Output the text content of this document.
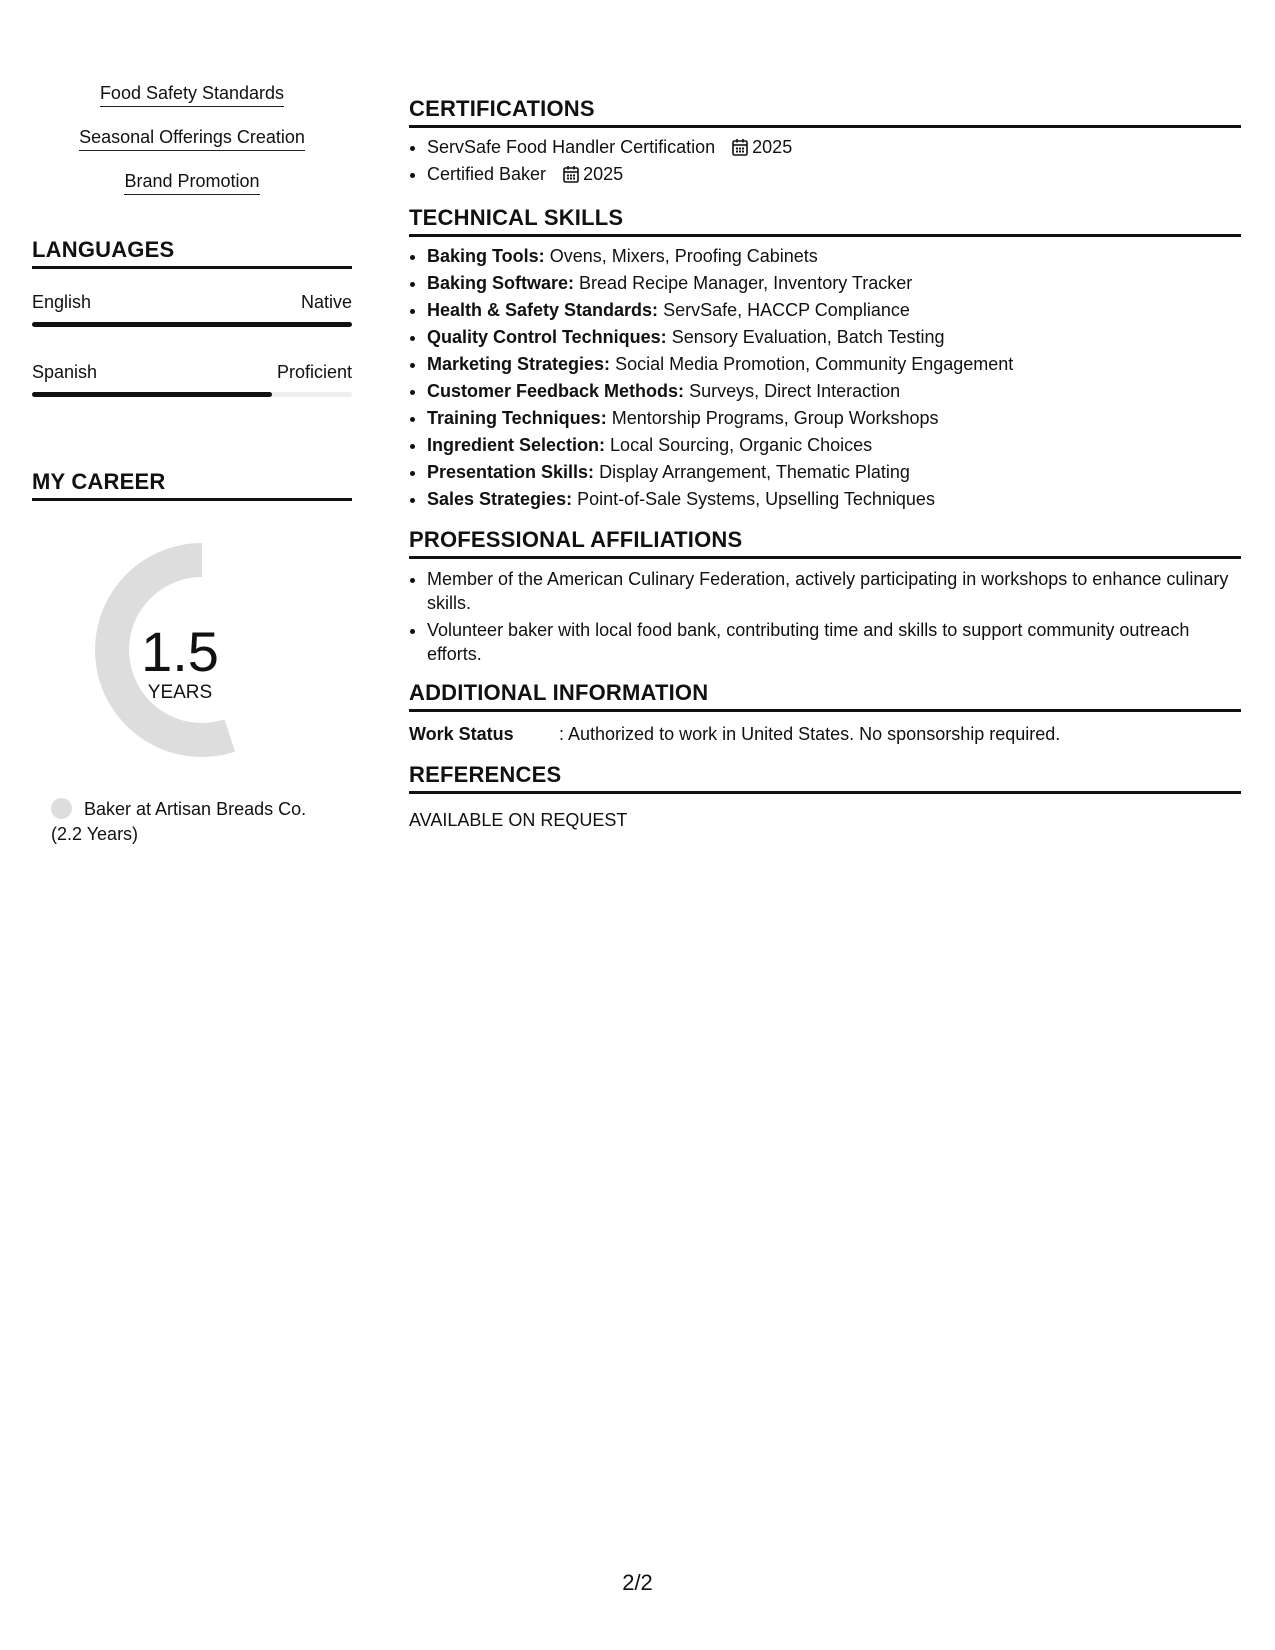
Food Safety Standards
Seasonal Offerings Creation
Brand Promotion
LANGUAGES
English	Native
Spanish	Proficient
MY CAREER
1.5
YEARS
Baker at Artisan Breads Co.
(2.2 Years)
CERTIFICATIONS
• ServSafe Food Handler Certification 2025
• Certified Baker 2025
TECHNICAL SKILLS
• Baking Tools: Ovens, Mixers, Proofing Cabinets
• Baking Software: Bread Recipe Manager, Inventory Tracker
• Health & Safety Standards: ServSafe, HACCP Compliance
• Quality Control Techniques: Sensory Evaluation, Batch Testing
• Marketing Strategies: Social Media Promotion, Community Engagement
• Customer Feedback Methods: Surveys, Direct Interaction
• Training Techniques: Mentorship Programs, Group Workshops
• Ingredient Selection: Local Sourcing, Organic Choices
• Presentation Skills: Display Arrangement, Thematic Plating
• Sales Strategies: Point-of-Sale Systems, Upselling Techniques
PROFESSIONAL AFFILIATIONS
• Member of the American Culinary Federation, actively participating in workshops to enhance culinary skills.
• Volunteer baker with local food bank, contributing time and skills to support community outreach efforts.
ADDITIONAL INFORMATION
Work Status	: Authorized to work in United States. No sponsorship required.
REFERENCES
AVAILABLE ON REQUEST
2/2
